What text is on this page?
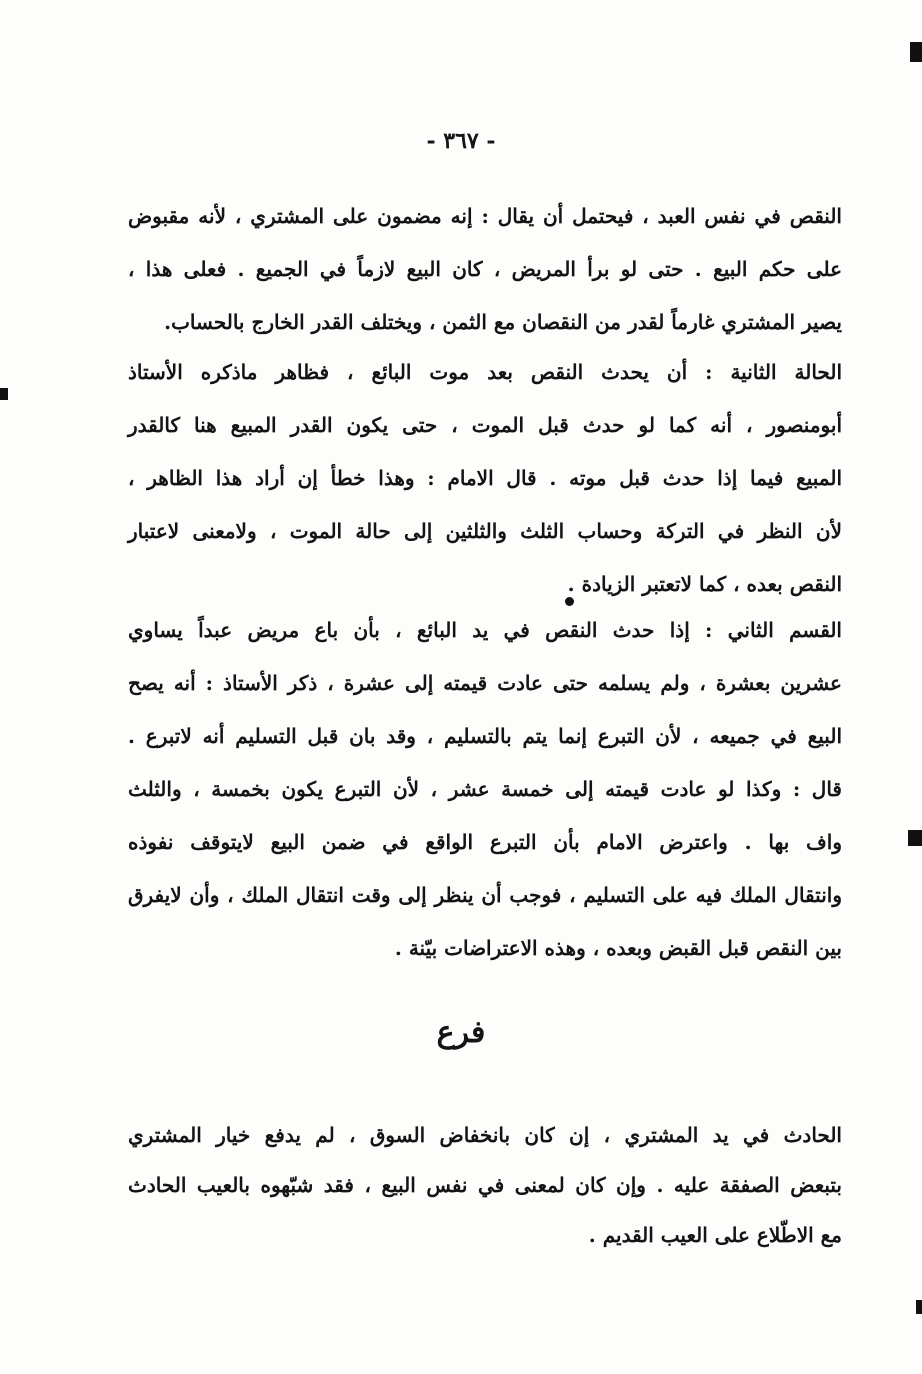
- ٣٦٧ -
النقص في نفس العبد ، فيحتمل أن يقال : إنه مضمون على المشتري ، لأنه مقبوض
على حكم البيع . حتى لو برأ المريض ، كان البيع لازماً في الجميع . فعلى هذا ،
يصير المشتري غارماً لقدر من النقصان مع الثمن ، ويختلف القدر الخارج بالحساب.
الحالة الثانية : أن يحدث النقص بعد موت البائع ، فظاهر ماذكره الأستاذ
أبومنصور ، أنه كما لو حدث قبل الموت ، حتى يكون القدر المبيع هنا كالقدر
المبيع فيما إذا حدث قبل موته . قال الامام : وهذا خطأ إن أراد هذا الظاهر ،
لأن النظر في التركة وحساب الثلث والثلثين إلى حالة الموت ، ولامعنى لاعتبار
النقص بعده ، كما لاتعتبر الزيادة .
القسم الثاني : إذا حدث النقص في يد البائع ، بأن باع مريض عبداً يساوي
عشرين بعشرة ، ولم يسلمه حتى عادت قيمته إلى عشرة ، ذكر الأستاذ : أنه يصح
البيع في جميعه ، لأن التبرع إنما يتم بالتسليم ، وقد بان قبل التسليم أنه لاتبرع .
قال : وكذا لو عادت قيمته إلى خمسة عشر ، لأن التبرع يكون بخمسة ، والثلث
واف بها . واعترض الامام بأن التبرع الواقع في ضمن البيع لايتوقف نفوذه
وانتقال الملك فيه على التسليم ، فوجب أن ينظر إلى وقت انتقال الملك ، وأن لايفرق
بين النقص قبل القبض وبعده ، وهذه الاعتراضات بيّنة .
فرع
الحادث في يد المشتري ، إن كان بانخفاض السوق ، لم يدفع خيار المشتري
بتبعض الصفقة عليه . وإن كان لمعنى في نفس البيع ، فقد شبّهوه بالعيب الحادث
مع الاطّلاع على العيب القديم .
